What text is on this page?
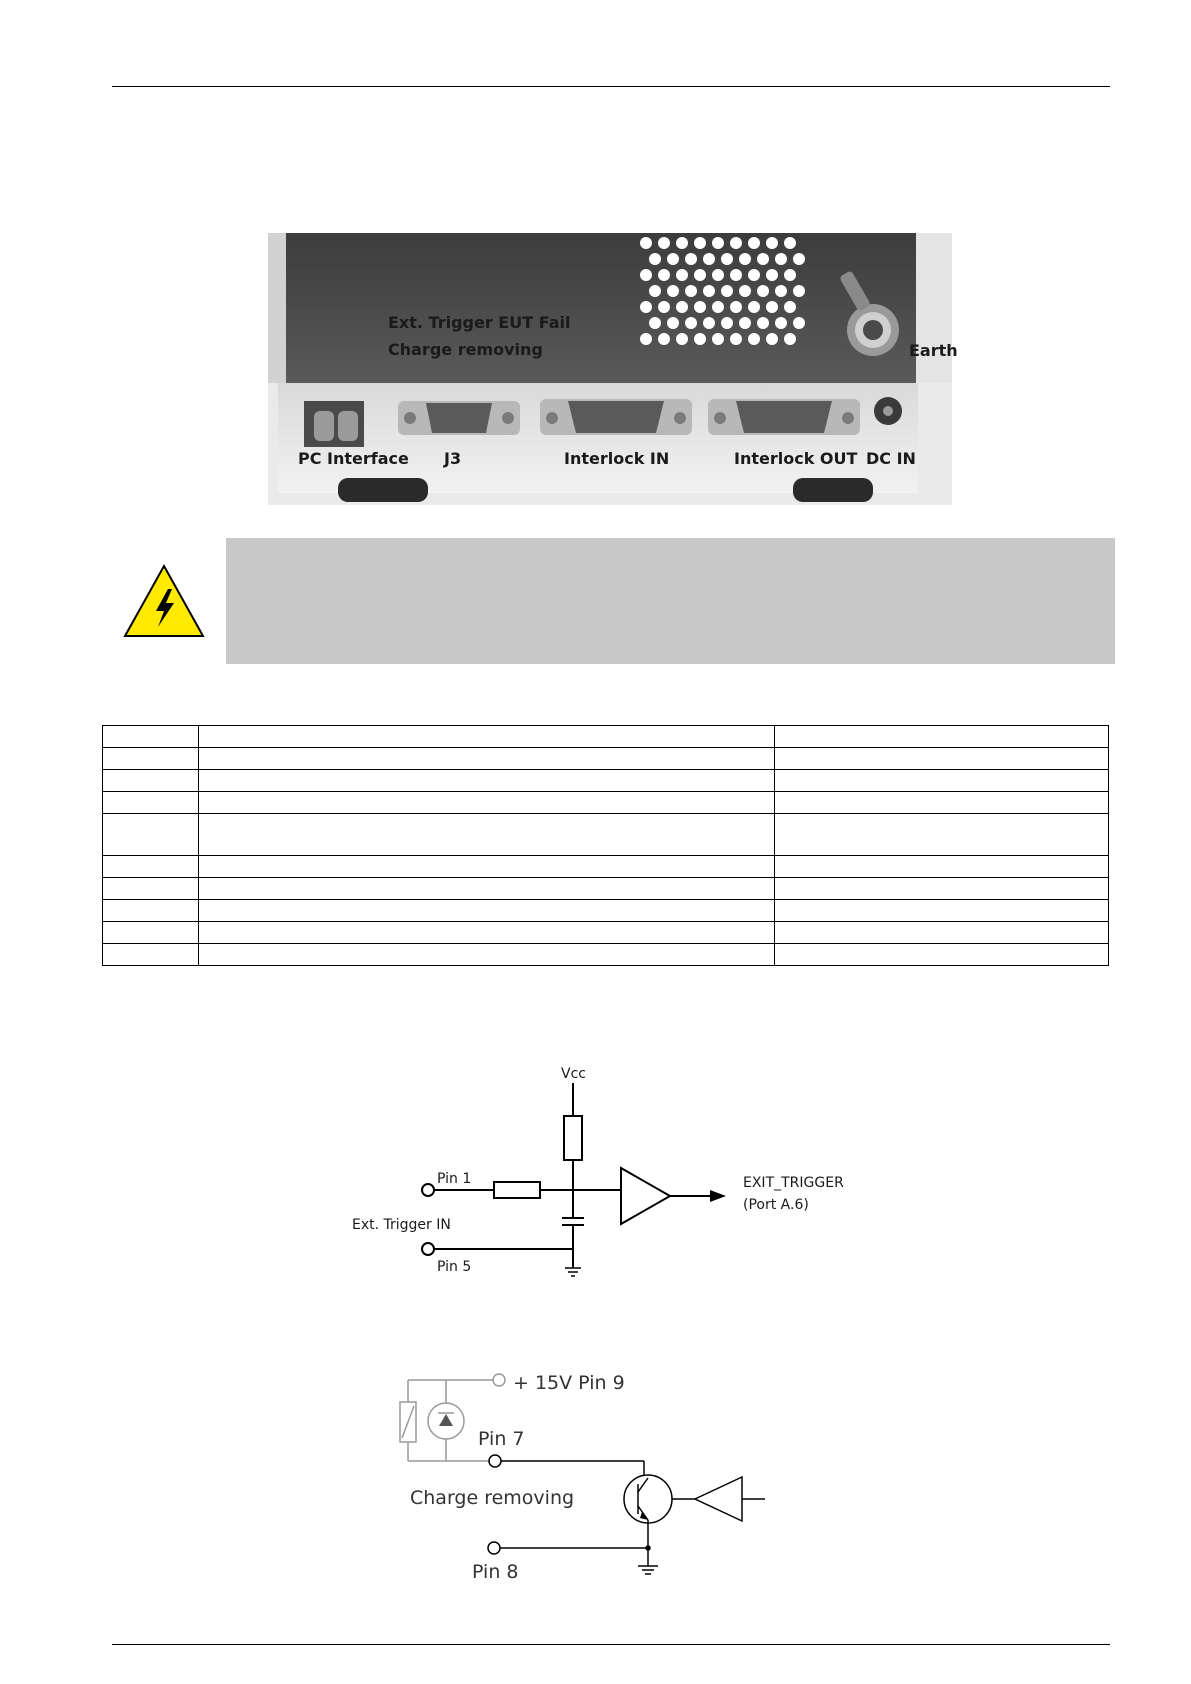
Ext. Trigger EUT Fail
Charge removing	Earth
PC Interface J3	Interlock IN	Interlock OUT DC IN

Vcc
Pin 1
Ext. Trigger IN
Pin 5
EXIT_TRIGGER
(Port A.6)
+ 15V Pin 9
Pin 7
Charge removing
Pin 8
